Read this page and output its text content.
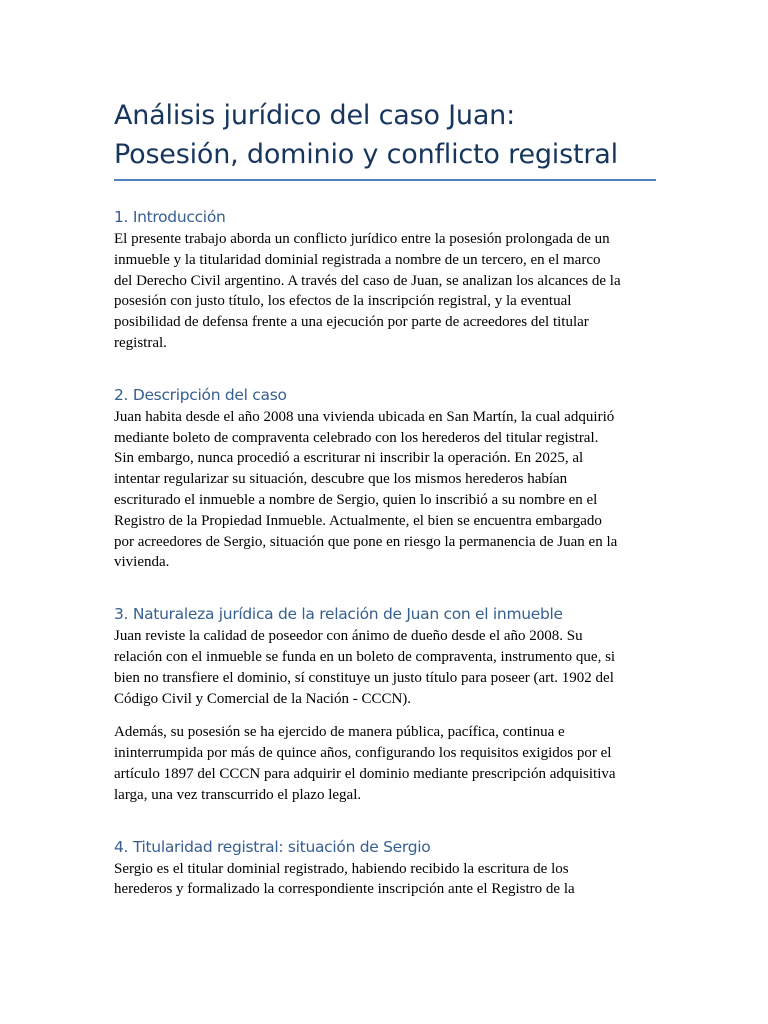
Análisis jurídico del caso Juan:
Posesión, dominio y conflicto registral
1. Introducción

El presente trabajo aborda un conflicto jurídico entre la posesión prolongada de un
inmueble y la titularidad dominial registrada a nombre de un tercero, en el marco
del Derecho Civil argentino. A través del caso de Juan, se analizan los alcances de la
posesión con justo título, los efectos de la inscripción registral, y la eventual
posibilidad de defensa frente a una ejecución por parte de acreedores del titular
registral.

2. Descripción del caso

Juan habita desde el año 2008 una vivienda ubicada en San Martín, la cual adquirió
mediante boleto de compraventa celebrado con los herederos del titular registral.
Sin embargo, nunca procedió a escriturar ni inscribir la operación. En 2025, al
intentar regularizar su situación, descubre que los mismos herederos habían
escriturado el inmueble a nombre de Sergio, quien lo inscribió a su nombre en el
Registro de la Propiedad Inmueble. Actualmente, el bien se encuentra embargado
por acreedores de Sergio, situación que pone en riesgo la permanencia de Juan en la
vivienda.

3. Naturaleza jurídica de la relación de Juan con el inmueble

Juan reviste la calidad de poseedor con ánimo de dueño desde el año 2008. Su
relación con el inmueble se funda en un boleto de compraventa, instrumento que, si
bien no transfiere el dominio, sí constituye un justo título para poseer (art. 1902 del
Código Civil y Comercial de la Nación - CCCN).

Además, su posesión se ha ejercido de manera pública, pacífica, continua e
ininterrumpida por más de quince años, configurando los requisitos exigidos por el
artículo 1897 del CCCN para adquirir el dominio mediante prescripción adquisitiva
larga, una vez transcurrido el plazo legal.

4. Titularidad registral: situación de Sergio

Sergio es el titular dominial registrado, habiendo recibido la escritura de los
herederos y formalizado la correspondiente inscripción ante el Registro de la
